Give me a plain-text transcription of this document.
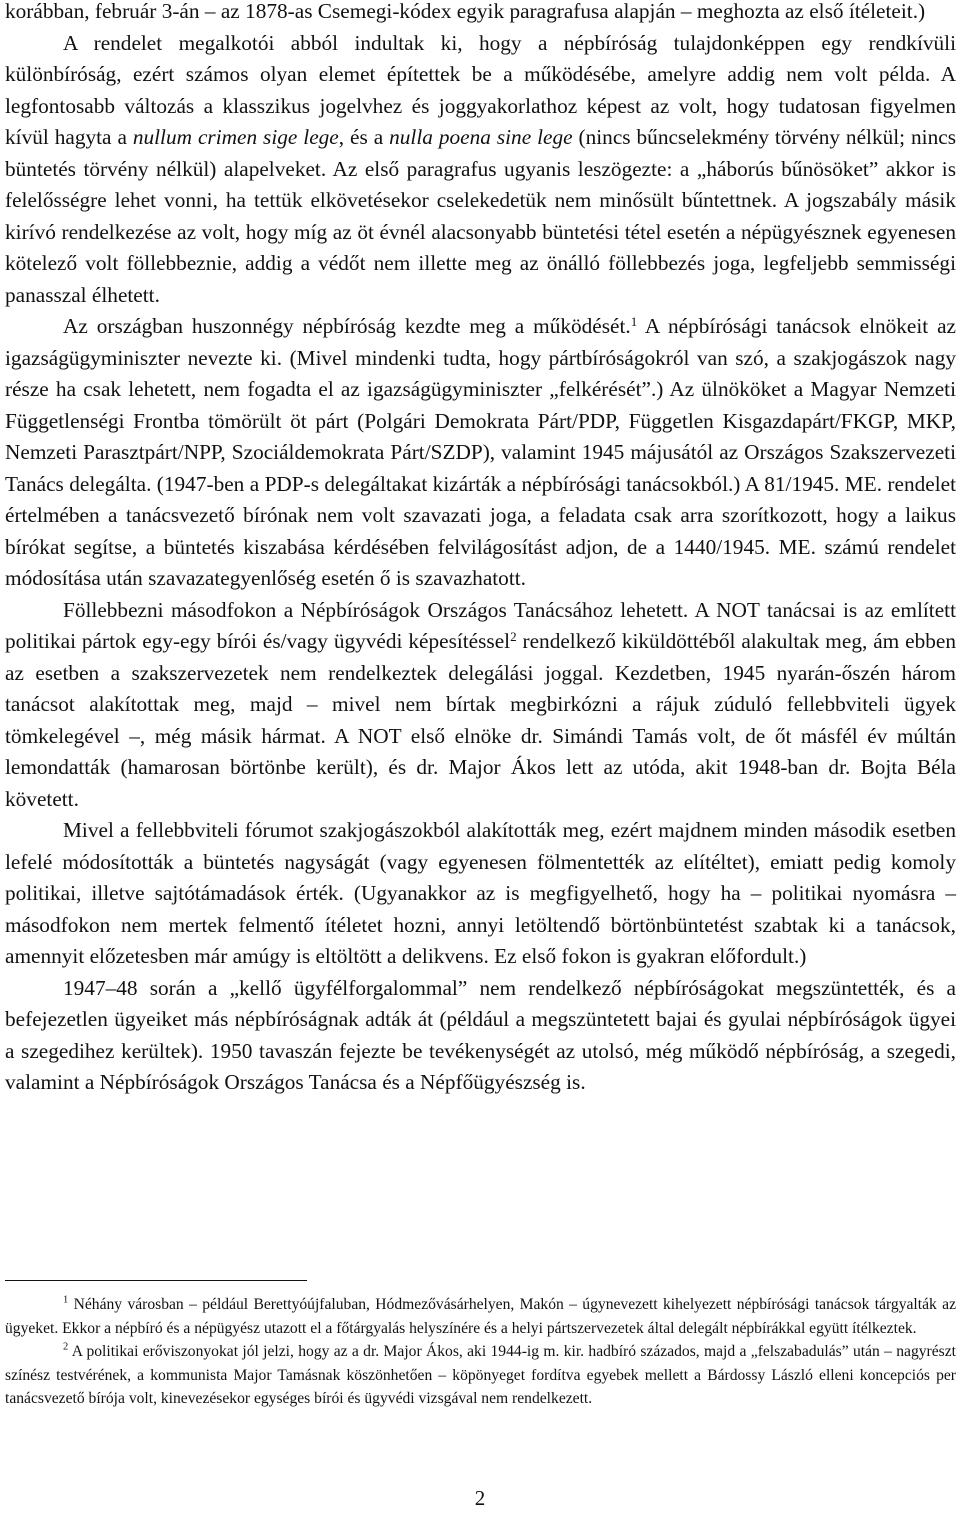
korábban, február 3-án – az 1878-as Csemegi-kódex egyik paragrafusa alapján – meghozta az első ítéleteit.)

A rendelet megalkotói abból indultak ki, hogy a népbíróság tulajdonképpen egy rendkívüli különbíróság, ezért számos olyan elemet építettek be a működésébe, amelyre addig nem volt példa. A legfontosabb változás a klasszikus jogelvhez és joggyakorlathoz képest az volt, hogy tudatosan figyelmen kívül hagyta a nullum crimen sige lege, és a nulla poena sine lege (nincs bűncselekmény törvény nélkül; nincs büntetés törvény nélkül) alapelveket. Az első paragrafus ugyanis leszögezte: a „háborús bűnösöket” akkor is felelősségre lehet vonni, ha tettük elkövetésekor cselekedetük nem minősült bűntettnek. A jogszabály másik kirívó rendelkezése az volt, hogy míg az öt évnél alacsonyabb büntetési tétel esetén a népügyésznek egyenesen kötelező volt föllebbeznie, addig a védőt nem illette meg az önálló föllebbezés joga, legfeljebb semmisségi panasszal élhetett.

Az országban huszonnégy népbíróság kezdte meg a működését.$^1$ A népbírósági tanácsok elnökeit az igazságügyminiszter nevezte ki. (Mivel mindenki tudta, hogy pártbíróságokról van szó, a szakjogászok nagy része ha csak lehetett, nem fogadta el az igazságügyminiszter „felkérését”.) Az ülnököket a Magyar Nemzeti Függetlenségi Frontba tömörült öt párt (Polgári Demokrata Párt/PDP, Független Kisgazdapárt/FKGP, MKP, Nemzeti Parasztpárt/NPP, Szociáldemokrata Párt/SZDP), valamint 1945 májusától az Országos Szakszervezeti Tanács delegálta. (1947-ben a PDP-s delegáltakat kizárták a népbírósági tanácsokból.) A 81/1945. ME. rendelet értelmében a tanácsvezető bírónak nem volt szavazati joga, a feladata csak arra szorítkozott, hogy a laikus bírókat segítse, a büntetés kiszabása kérdésében felvilágosítást adjon, de a 1440/1945. ME. számú rendelet módosítása után szavazategyenlőség esetén ő is szavazhatott.

Föllebbezni másodfokon a Népbíróságok Országos Tanácsához lehetett. A NOT tanácsai is az említett politikai pártok egy-egy bírói és/vagy ügyvédi képesítéssel$^2$ rendelkező kiküldöttéből alakultak meg, ám ebben az esetben a szakszervezetek nem rendelkeztek delegálási joggal. Kezdetben, 1945 nyarán-őszén három tanácsot alakítottak meg, majd – mivel nem bírtak megbirkózni a rájuk zúduló fellebbviteli ügyek tömkelegével –, még másik hármat. A NOT első elnöke dr. Simándi Tamás volt, de őt másfél év múltán lemondatták (hamarosan börtönbe került), és dr. Major Ákos lett az utóda, akit 1948-ban dr. Bojta Béla követett.

Mivel a fellebbviteli fórumot szakjogászokból alakították meg, ezért majdnem minden második esetben lefelé módosították a büntetés nagyságát (vagy egyenesen fölmentették az elítéltet), emiatt pedig komoly politikai, illetve sajtótámadások érték. (Ugyanakkor az is megfigyelhető, hogy ha – politikai nyomásra – másodfokon nem mertek felmentő ítéletet hozni, annyi letöltendő börtönbüntetést szabtak ki a tanácsok, amennyit előzetesben már amúgy is eltöltött a delikvens. Ez első fokon is gyakran előfordult.)

1947–48 során a „kellő ügyfélforgalommal” nem rendelkező népbíróságokat megszüntették, és a befejezetlen ügyeiket más népbíróságnak adták át (például a megszüntetett bajai és gyulai népbíróságok ügyei a szegedihez kerültek). 1950 tavaszán fejezte be tevékenységét az utolsó, még működő népbíróság, a szegedi, valamint a Népbíróságok Országos Tanácsa és a Népfőügyészség is.

$^1$ Néhány városban – például Berettyóújfaluban, Hódmezővásárhelyen, Makón – úgynevezett kihelyezett népbírósági tanácsok tárgyalták az ügyeket. Ekkor a népbíró és a népügyész utazott el a főtárgyalás helyszínére és a helyi pártszervezetek által delegált népbírákkal együtt ítélkeztek.

$^2$ A politikai erőviszonyokat jól jelzi, hogy az a dr. Major Ákos, aki 1944-ig m. kir. hadbíró százados, majd a „felszabadulás” után – nagyrészt színész testvérének, a kommunista Major Tamásnak köszönhetően – köpönyeget fordítva egyebek mellett a Bárdossy László elleni koncepciós per tanácsvezető bírója volt, kinevezésekor egységes bírói és ügyvédi vizsgával nem rendelkezett.

2
